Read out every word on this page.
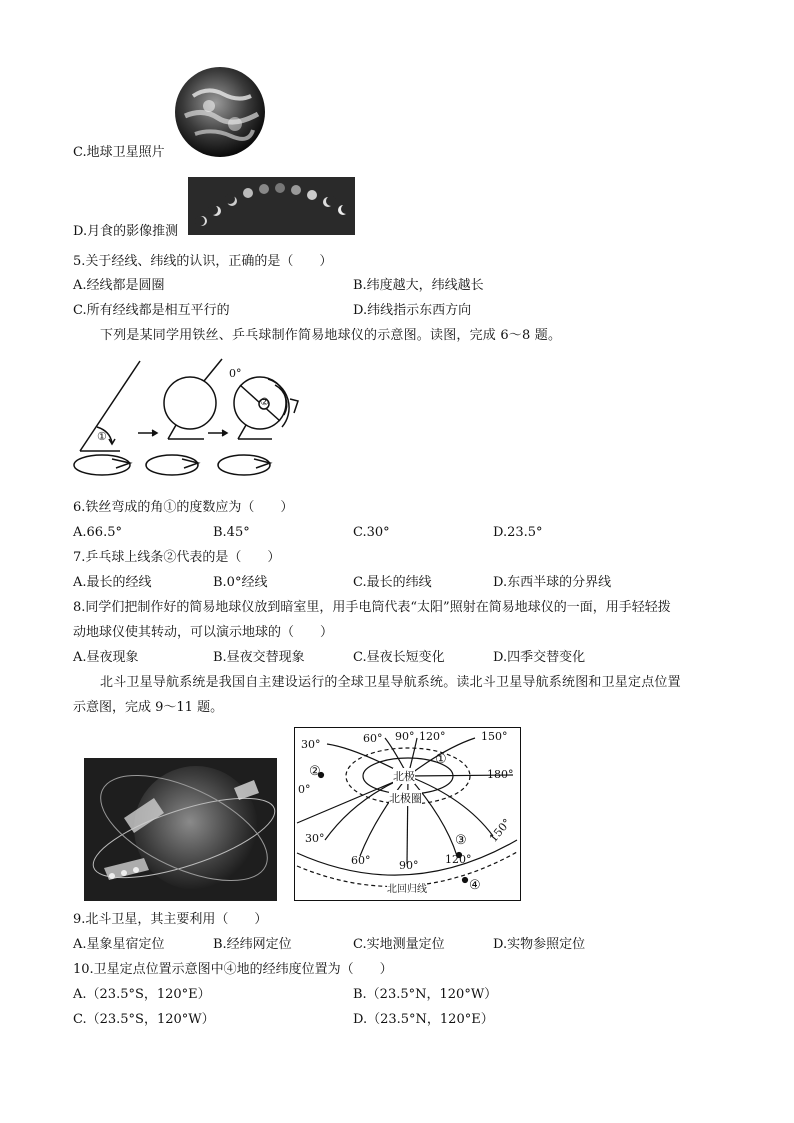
C.地球卫星照片
D.月食的影像推测
5.关于经线、纬线的认识，正确的是（　　）
A.经线都是圆圈	B.纬度越大，纬线越长
C.所有经线都是相互平行的	D.纬线指示东西方向
下列是某同学用铁丝、乒乓球制作简易地球仪的示意图。读图，完成 6～8 题。
①
②
0°
6.铁丝弯成的角①的度数应为（　　）
A.66.5°	B.45°	C.30°	D.23.5°
7.乒乓球上线条②代表的是（　　）
A.最长的经线	B.0°经线	C.最长的纬线	D.东西半球的分界线
8.同学们把制作好的简易地球仪放到暗室里，用手电筒代表“太阳”照射在简易地球仪的一面，用手轻轻拨
动地球仪使其转动，可以演示地球的（　　）
A.昼夜现象	B.昼夜交替现象	C.昼夜长短变化	D.四季交替变化
北斗卫星导航系统是我国自主建设运行的全球卫星导航系统。读北斗卫星导航系统图和卫星定点位置
示意图，完成 9～11 题。
30°	60° 90° 120°	150°
180°
0°
30°
60°	90° 120°
150°
北极
北极圈
北回归线
①
②
③
④
9.北斗卫星，其主要利用（　　）
A.星象星宿定位	B.经纬网定位	C.实地测量定位	D.实物参照定位
10.卫星定点位置示意图中④地的经纬度位置为（　　）
A.（23.5°S，120°E）	B.（23.5°N，120°W）
C.（23.5°S，120°W）	D.（23.5°N，120°E）
